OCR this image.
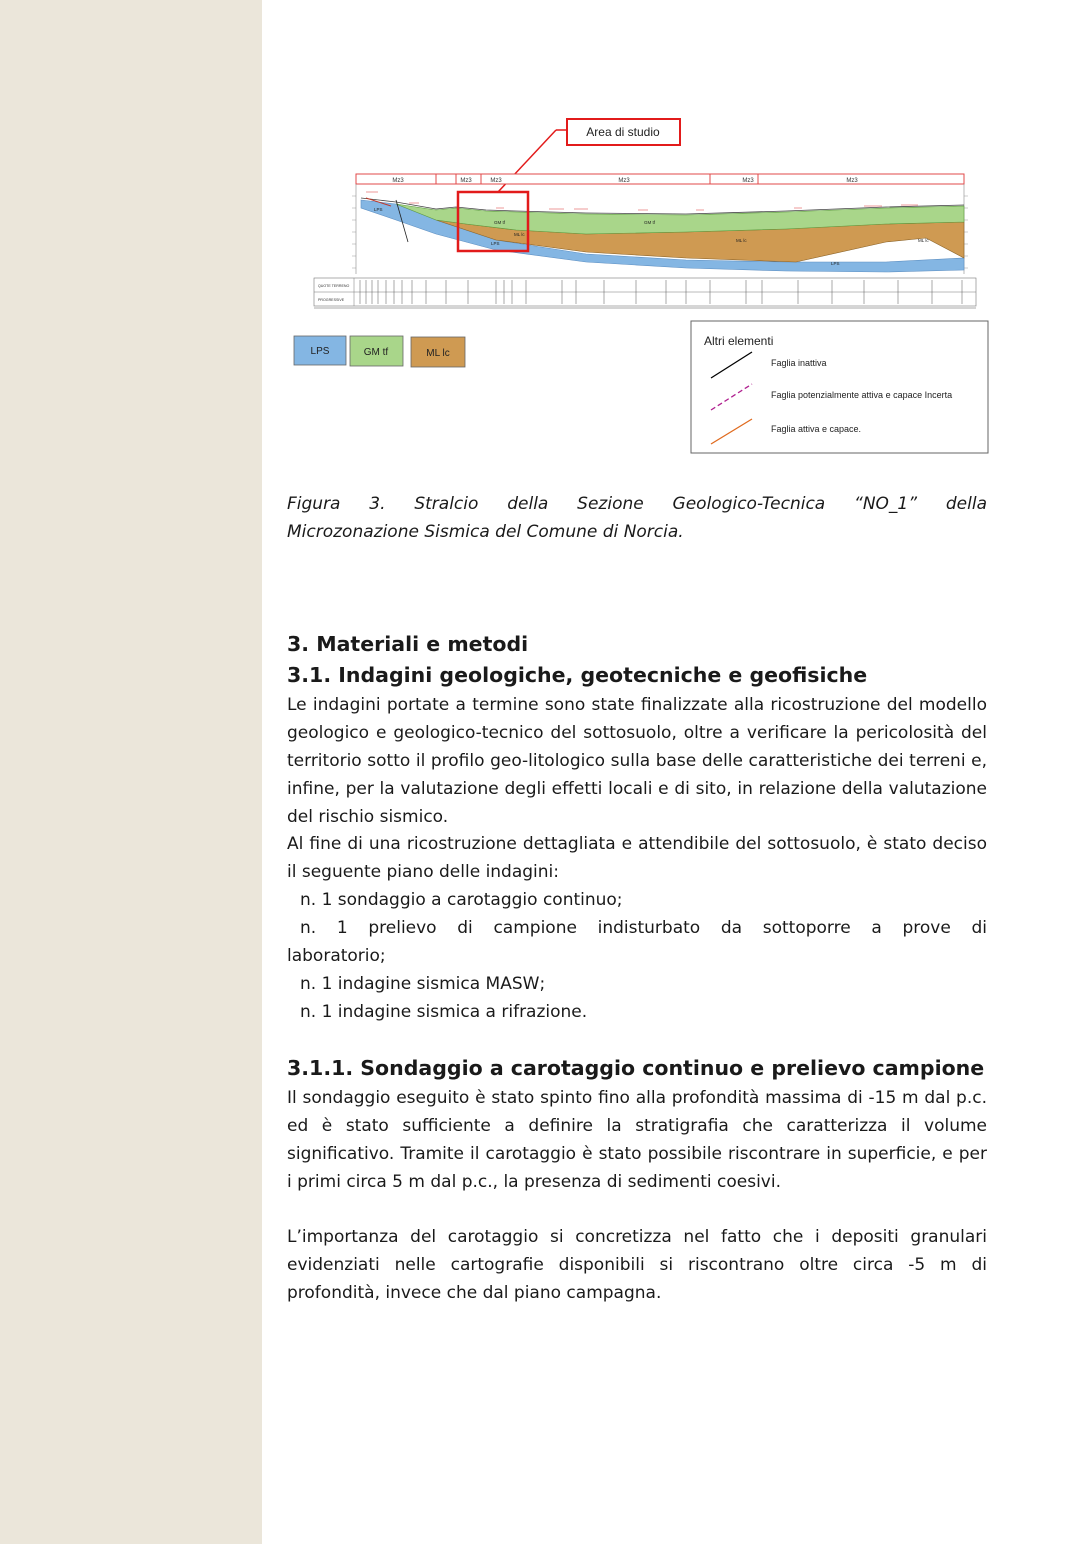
Area di studio
Mz3	Mz3	Mz3	Mz3	Mz3	Mz3
LPS
GM tf
ML lc
LPS
ML lc
GM tf
ML lc
LPS
QUOTE TERRENO
PROGRESSIVE
LPS	GM tf	ML lc
Altri elementi
Faglia inattiva
Faglia potenzialmente attiva e capace Incerta
Faglia attiva e capace.
Figura 3. Stralcio della Sezione Geologico-Tecnica “NO_1” della
Microzonazione Sismica del Comune di Norcia.
3. Materiali e metodi
3.1. Indagini geologiche, geotecniche e geofisiche

Le indagini portate a termine sono state finalizzate alla ricostruzione del modello geologico e geologico-tecnico del sottosuolo, oltre a verificare la pericolosità del territorio sotto il profilo geo-litologico sulla base delle caratteristiche dei terreni e, infine, per la valutazione degli effetti locali e di sito, in relazione della valutazione del rischio sismico.

Al fine di una ricostruzione dettagliata e attendibile del sottosuolo, è stato deciso il seguente piano delle indagini:

n. 1 sondaggio a carotaggio continuo;

n. 1 prelievo di campione indisturbato da sottoporre a prove di

laboratorio;

n. 1 indagine sismica MASW;

n. 1 indagine sismica a rifrazione.

3.1.1. Sondaggio a carotaggio continuo e prelievo campione

Il sondaggio eseguito è stato spinto fino alla profondità massima di -15 m dal p.c. ed è stato sufficiente a definire la stratigrafia che caratterizza il volume significativo. Tramite il carotaggio è stato possibile riscontrare in superficie, e per i primi circa 5 m dal p.c., la presenza di sedimenti coesivi.

L’importanza del carotaggio si concretizza nel fatto che i depositi granulari evidenziati nelle cartografie disponibili si riscontrano oltre circa -5 m di profondità, invece che dal piano campagna.
